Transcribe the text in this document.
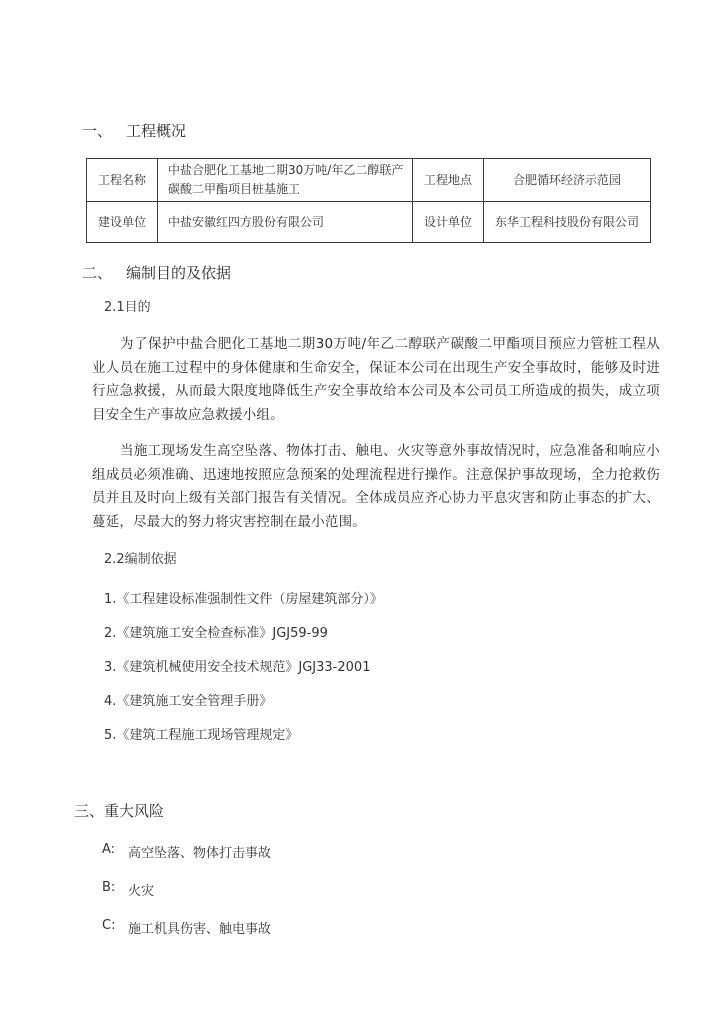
一、 工程概况
工程名称	中盐合肥化工基地二期30万吨/年乙二醇联产碳酸二甲酯项目桩基施工	工程地点	合肥循环经济示范园
建设单位	中盐安徽红四方股份有限公司	设计单位	东华工程科技股份有限公司
二、 编制目的及依据
2.1目的
为了保护中盐合肥化工基地二期30万吨/年乙二醇联产碳酸二甲酯项目预应力管桩工程从业人员在施工过程中的身体健康和生命安全，保证本公司在出现生产安全事故时，能够及时进行应急救援，从而最大限度地降低生产安全事故给本公司及本公司员工所造成的损失，成立项目安全生产事故应急救援小组。
当施工现场发生高空坠落、物体打击、触电、火灾等意外事故情况时，应急准备和响应小组成员必须准确、迅速地按照应急预案的处理流程进行操作。注意保护事故现场，全力抢救伤员并且及时向上级有关部门报告有关情况。全体成员应齐心协力平息灾害和防止事态的扩大、蔓延，尽最大的努力将灾害控制在最小范围。
2.2编制依据
1.《工程建设标准强制性文件（房屋建筑部分）》
2.《建筑施工安全检查标准》JGJ59-99
3.《建筑机械使用安全技术规范》JGJ33-2001
4.《建筑施工安全管理手册》
5.《建筑工程施工现场管理规定》
三、 重大风险
A: 高空坠落、物体打击事故
B: 火灾
C: 施工机具伤害、触电事故
